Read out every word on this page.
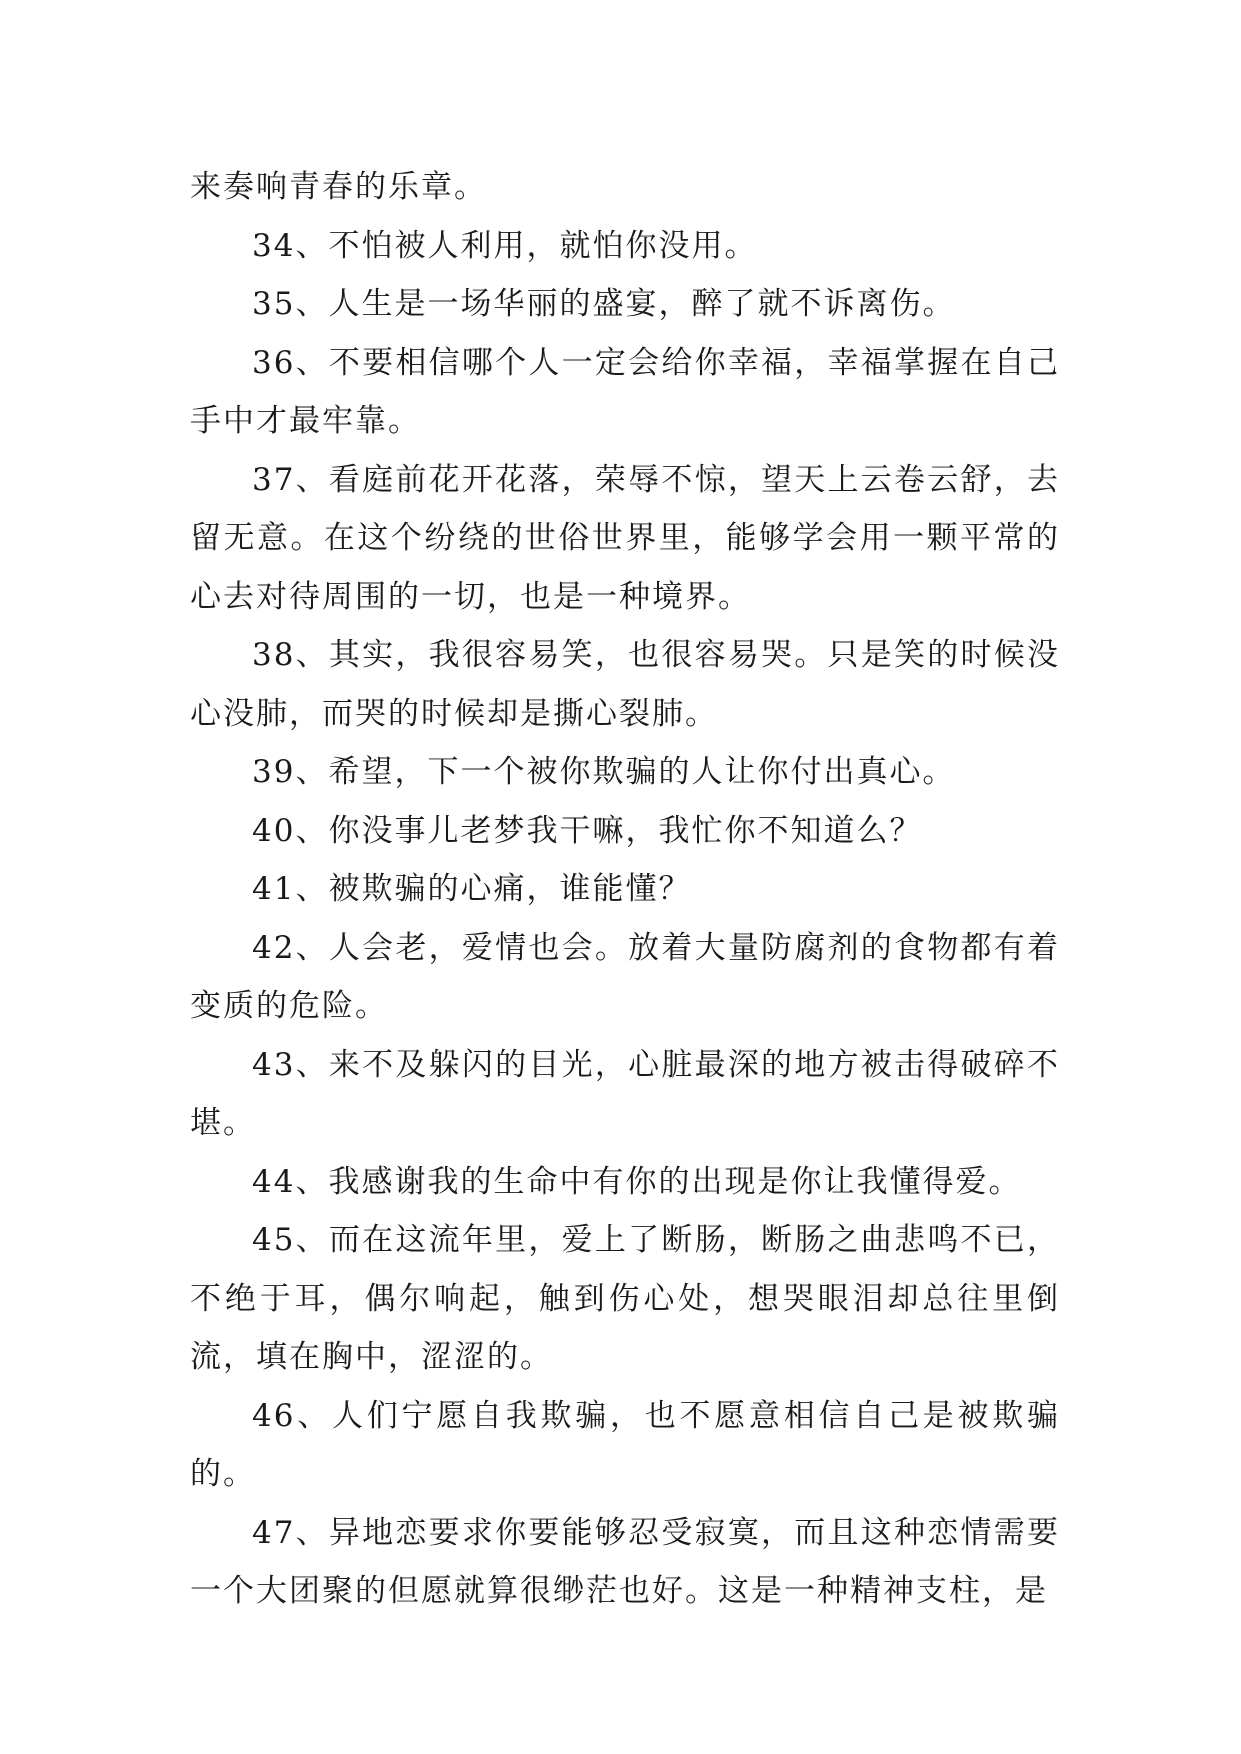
来奏响青春的乐章。

34、不怕被人利用，就怕你没用。

35、人生是一场华丽的盛宴，醉了就不诉离伤。

36、不要相信哪个人一定会给你幸福，幸福掌握在自己手中才最牢靠。

37、看庭前花开花落，荣辱不惊，望天上云卷云舒，去留无意。在这个纷绕的世俗世界里，能够学会用一颗平常的心去对待周围的一切，也是一种境界。

38、其实，我很容易笑，也很容易哭。只是笑的时候没心没肺，而哭的时候却是撕心裂肺。

39、希望，下一个被你欺骗的人让你付出真心。

40、你没事儿老梦我干嘛，我忙你不知道么？

41、被欺骗的心痛，谁能懂？

42、人会老，爱情也会。放着大量防腐剂的食物都有着变质的危险。

43、来不及躲闪的目光，心脏最深的地方被击得破碎不堪。

44、我感谢我的生命中有你的出现是你让我懂得爱。

45、而在这流年里，爱上了断肠，断肠之曲悲鸣不已，不绝于耳，偶尔响起，触到伤心处，想哭眼泪却总往里倒流，填在胸中，涩涩的。

46、人们宁愿自我欺骗，也不愿意相信自己是被欺骗的。

47、异地恋要求你要能够忍受寂寞，而且这种恋情需要一个大团聚的但愿就算很缈茫也好。这是一种精神支柱，是
